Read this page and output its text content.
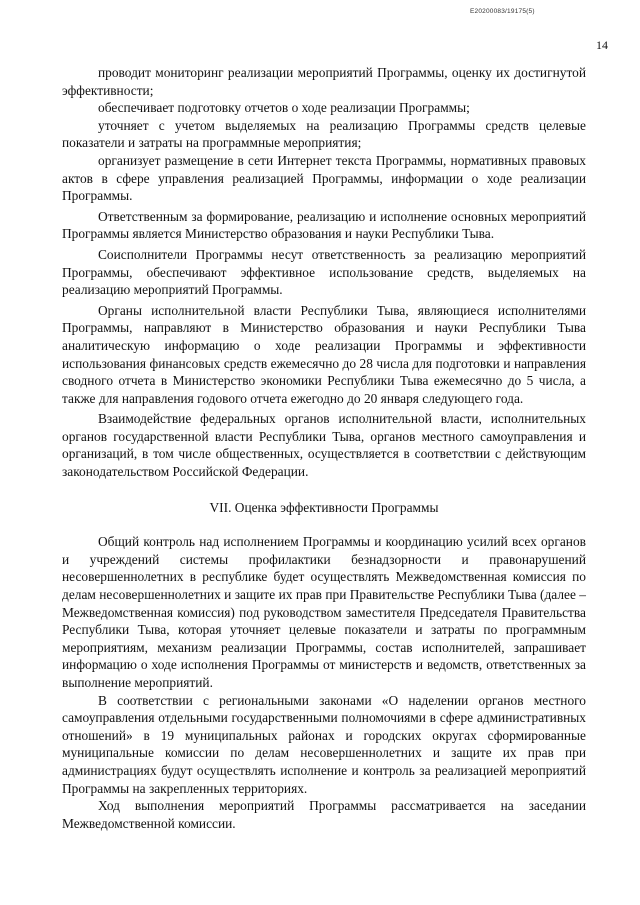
Е20200083/19175(5)
14

проводит мониторинг реализации мероприятий Программы, оценку их достигнутой эффективности;

обеспечивает подготовку отчетов о ходе реализации Программы;

уточняет с учетом выделяемых на реализацию Программы средств целевые показатели и затраты на программные мероприятия;

организует размещение в сети Интернет текста Программы, нормативных правовых актов в сфере управления реализацией Программы, информации о ходе реализации Программы.

Ответственным за формирование, реализацию и исполнение основных мероприятий Программы является Министерство образования и науки Республики Тыва.

Соисполнители Программы несут ответственность за реализацию мероприятий Программы, обеспечивают эффективное использование средств, выделяемых на реализацию мероприятий Программы.

Органы исполнительной власти Республики Тыва, являющиеся исполнителями Программы, направляют в Министерство образования и науки Республики Тыва аналитическую информацию о ходе реализации Программы и эффективности использования финансовых средств ежемесячно до 28 числа для подготовки и направления сводного отчета в Министерство экономики Республики Тыва ежемесячно до 5 числа, а также для направления годового отчета ежегодно до 20 января следующего года.

Взаимодействие федеральных органов исполнительной власти, исполнительных органов государственной власти Республики Тыва, органов местного самоуправления и организаций, в том числе общественных, осуществляется в соответствии с действующим законодательством Российской Федерации.

VII. Оценка эффективности Программы

Общий контроль над исполнением Программы и координацию усилий всех органов и учреждений системы профилактики безнадзорности и правонарушений несовершеннолетних в республике будет осуществлять Межведомственная комиссия по делам несовершеннолетних и защите их прав при Правительстве Республики Тыва (далее – Межведомственная комиссия) под руководством заместителя Председателя Правительства Республики Тыва, которая уточняет целевые показатели и затраты по программным мероприятиям, механизм реализации Программы, состав исполнителей, запрашивает информацию о ходе исполнения Программы от министерств и ведомств, ответственных за выполнение мероприятий.

В соответствии с региональными законами «О наделении органов местного самоуправления отдельными государственными полномочиями в сфере административных отношений» в 19 муниципальных районах и городских округах сформированные муниципальные комиссии по делам несовершеннолетних и защите их прав при администрациях будут осуществлять исполнение и контроль за реализацией мероприятий Программы на закрепленных территориях.

Ход выполнения мероприятий Программы рассматривается на заседании Межведомственной комиссии.
